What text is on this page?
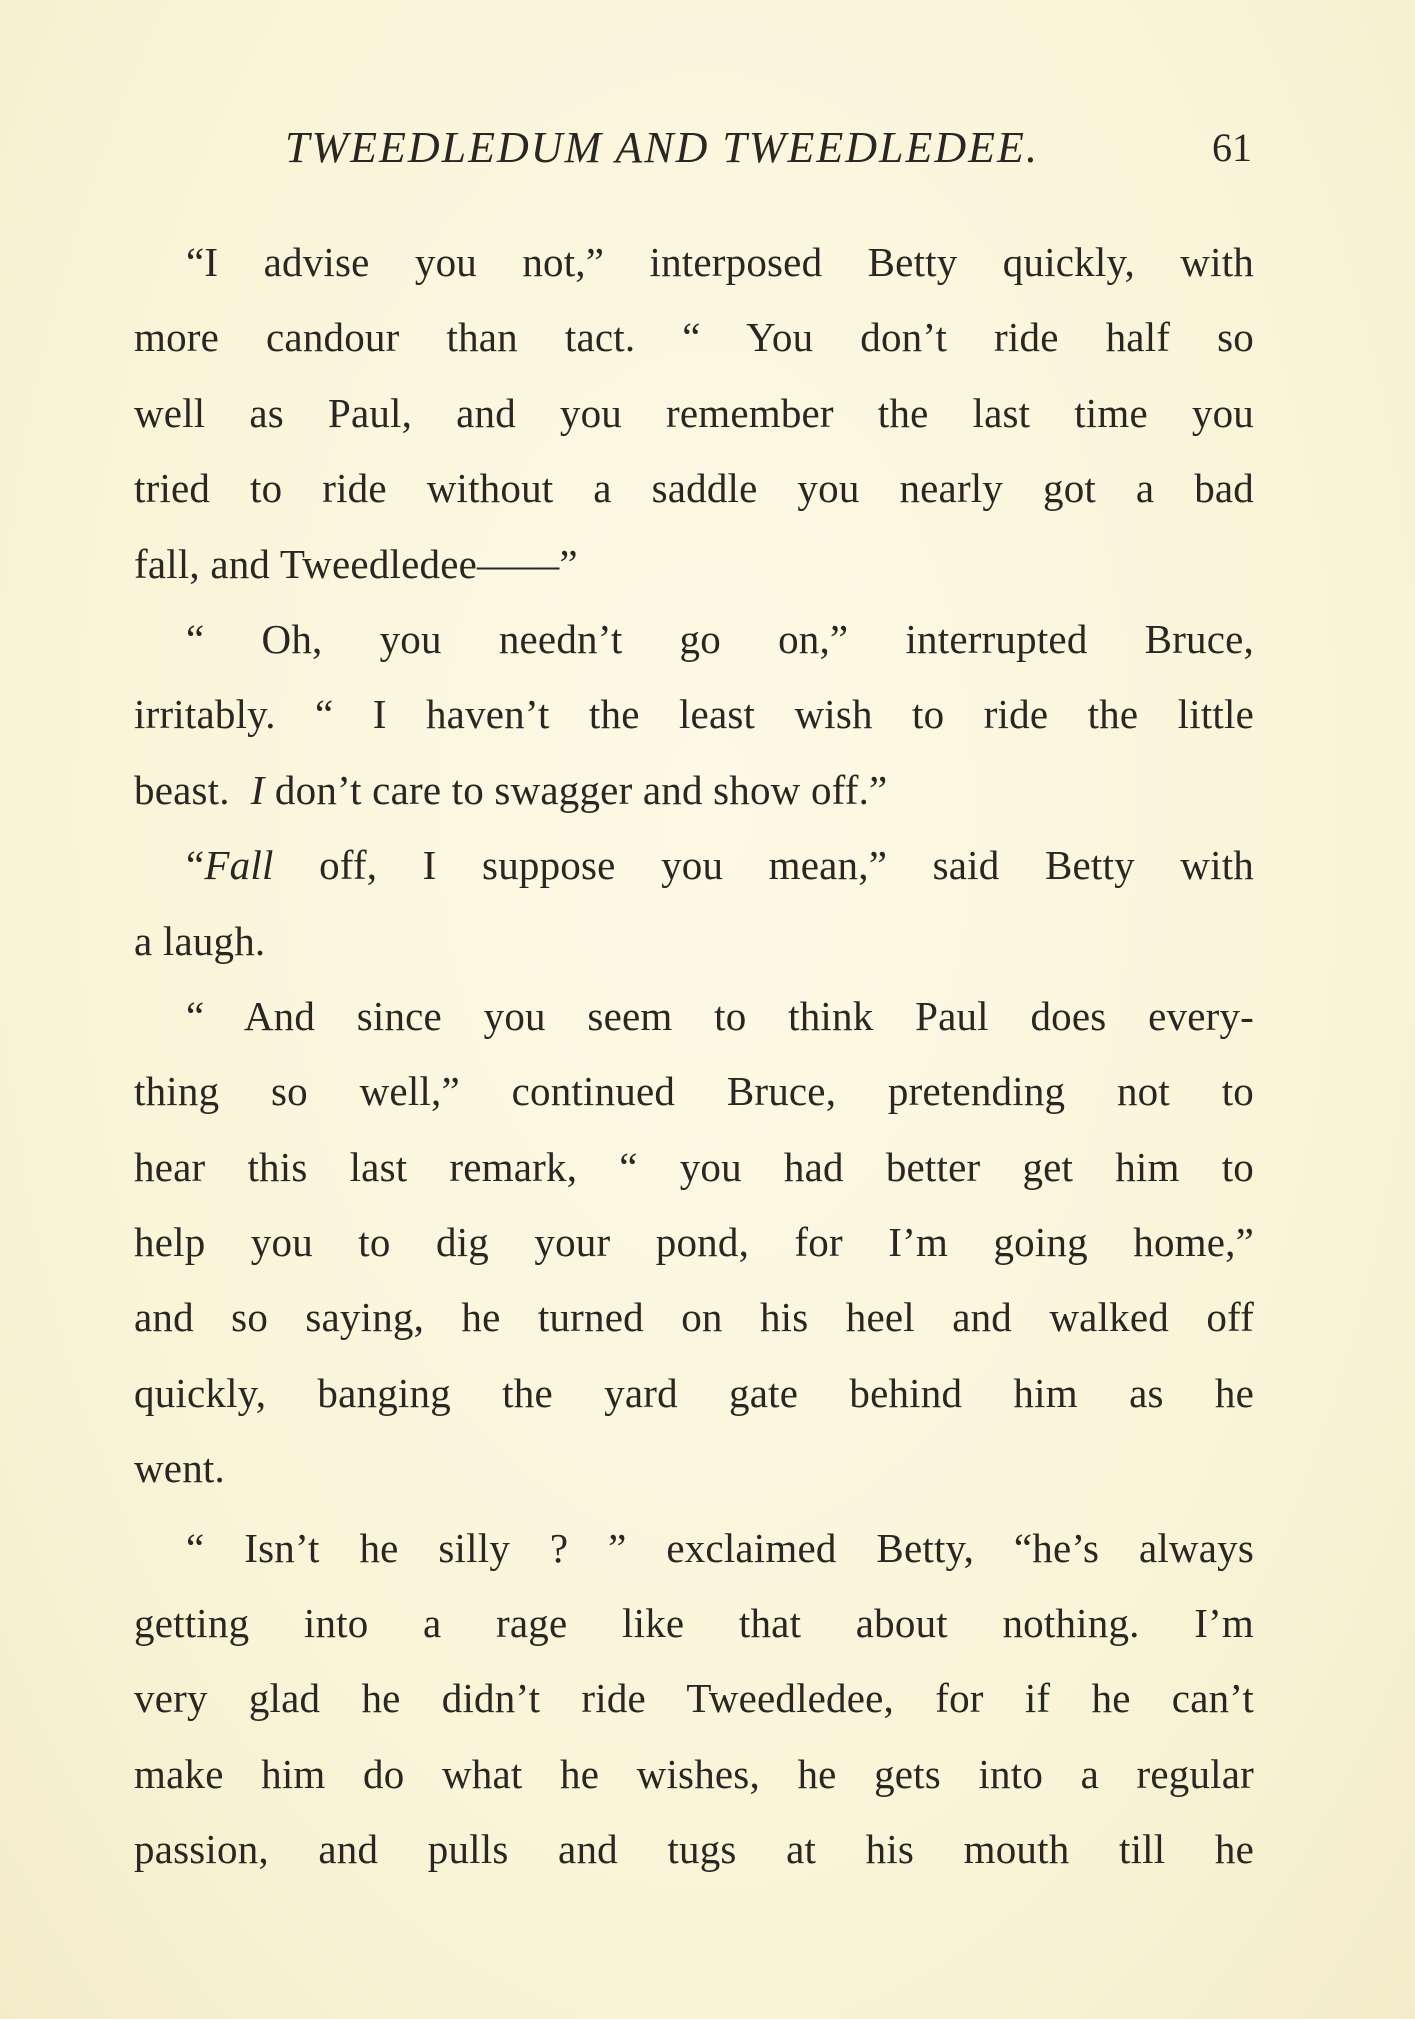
TWEEDLEDUM AND TWEEDLEDEE.	61
“I advise you not,” interposed Betty quickly, with
more candour than tact. “ You don’t ride half so
well as Paul, and you remember the last time you
tried to ride without a saddle you nearly got a bad
fall, and Tweedledee——”
“ Oh, you needn’t go on,” interrupted Bruce,
irritably. “ I haven’t the least wish to ride the little
beast. I don’t care to swagger and show off.”
“Fall off, I suppose you mean,” said Betty with
a laugh.
“ And since you seem to think Paul does every-
thing so well,” continued Bruce, pretending not to
hear this last remark, “ you had better get him to
help you to dig your pond, for I’m going home,”
and so saying, he turned on his heel and walked off
quickly, banging the yard gate behind him as he
went.
“ Isn’t he silly ? ” exclaimed Betty, “he’s always
getting into a rage like that about nothing. I’m
very glad he didn’t ride Tweedledee, for if he can’t
make him do what he wishes, he gets into a regular
passion, and pulls and tugs at his mouth till he
